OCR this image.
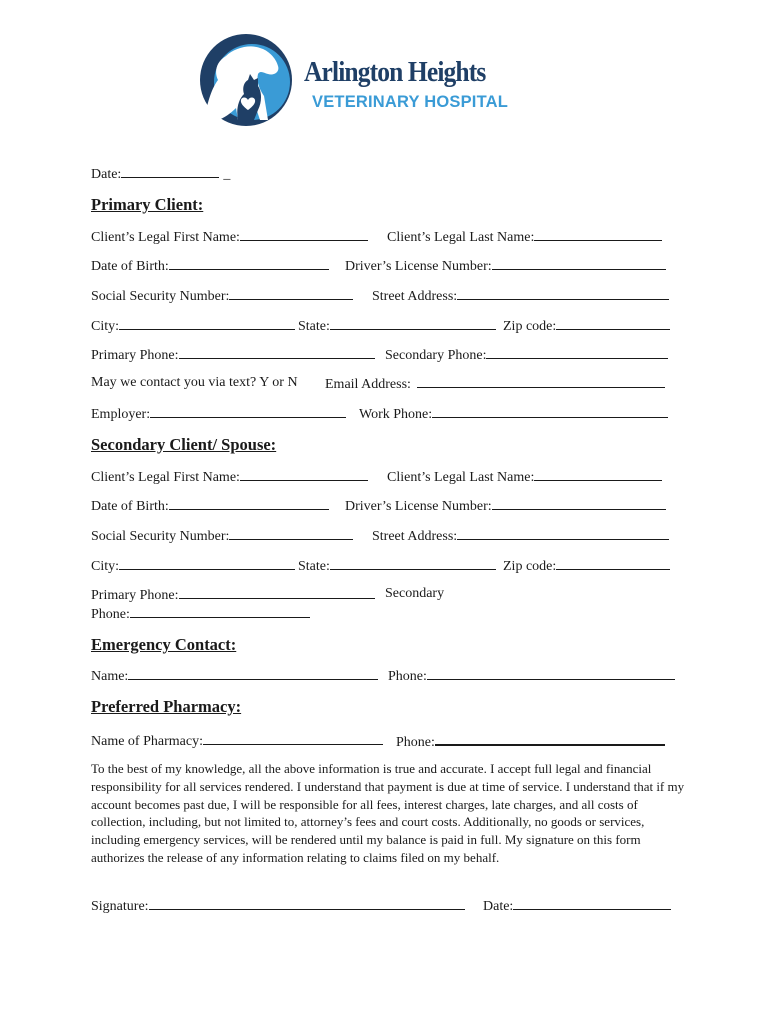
Arlington Heights
VETERINARY HOSPITAL
Date:	_
Primary Client:
Client’s Legal First Name:	Client’s Legal Last Name:
Date of Birth:	Driver’s License Number:
Social Security Number:	Street Address:
City:	State:	Zip code:
Primary Phone:	Secondary Phone:
May we contact you via text? Y or N Email Address:
Employer:	Work Phone:
Secondary Client/ Spouse:
Client’s Legal First Name:	Client’s Legal Last Name:
Date of Birth:	Driver’s License Number:
Social Security Number:	Street Address:
City:	State:	Zip code:
Primary Phone:	Secondary
Phone:
Emergency Contact:
Name:	Phone:
Preferred Pharmacy:
Name of Pharmacy:	Phone:
To the best of my knowledge, all the above information is true and accurate. I accept full legal and financial responsibility for all services rendered. I understand that payment is due at time of service. I understand that if my account becomes past due, I will be responsible for all fees, interest charges, late charges, and all costs of collection, including, but not limited to, attorney’s fees and court costs. Additionally, no goods or services, including emergency services, will be rendered until my balance is paid in full. My signature on this form authorizes the release of any information relating to claims filed on my behalf.
Signature:	Date:
